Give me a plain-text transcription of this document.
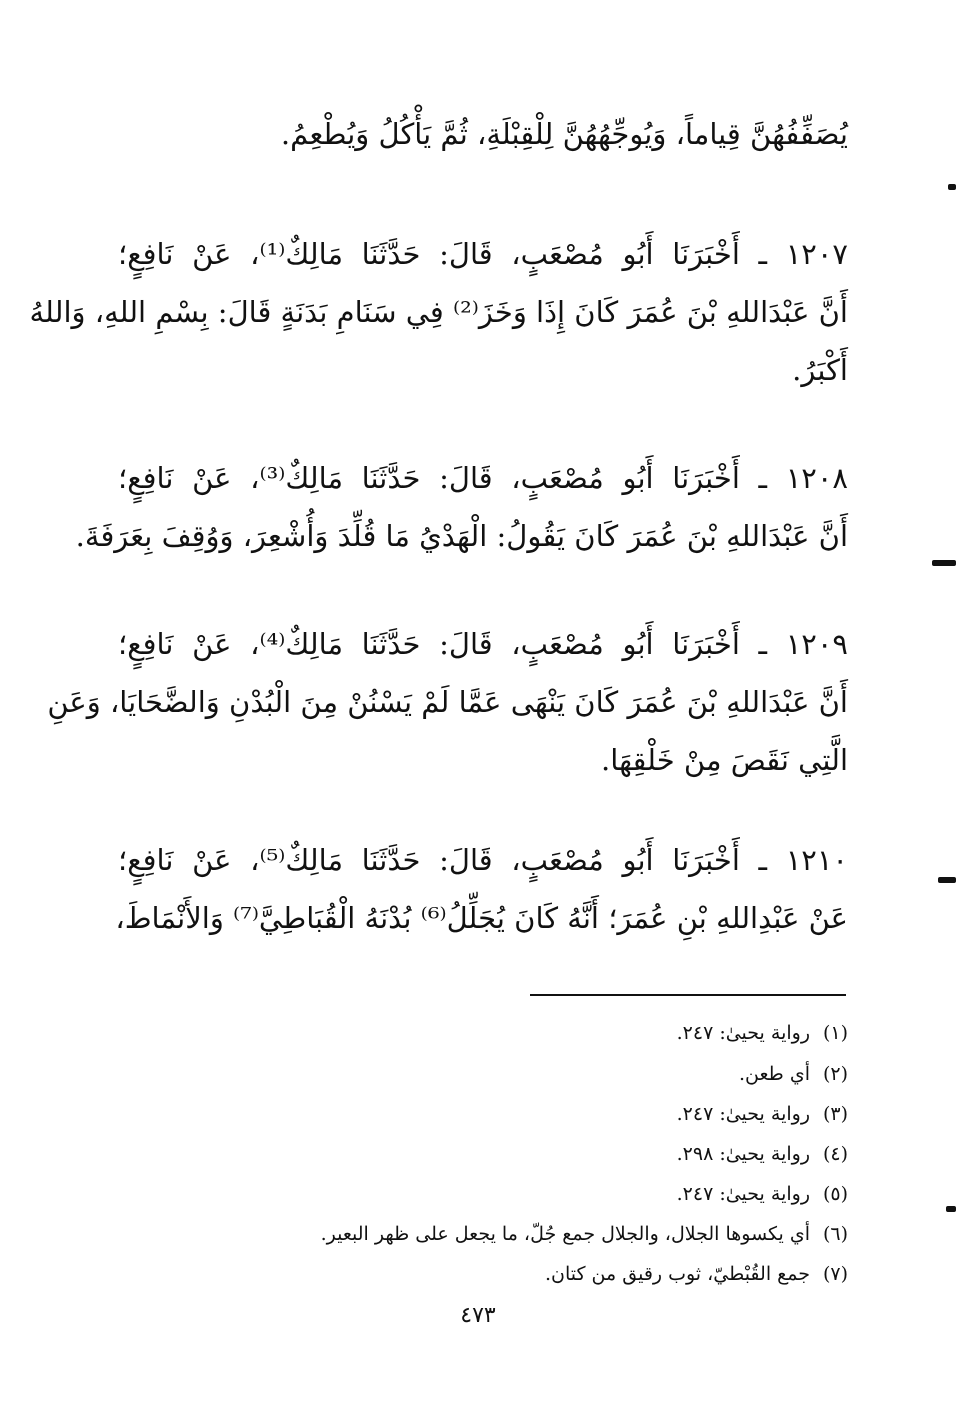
يُصَفِّفُهُنَّ قِياماً، وَيُوجِّهُهُنَّ لِلْقِبْلَةِ، ثُمَّ يَأْكُلُ وَيُطْعِمُ.
١٢٠٧ ـ أَخْبَرَنَا أَبُو مُصْعَبٍ، قَالَ: حَدَّثَنَا مَالِكٌ⁽¹⁾، عَنْ نَافِعٍ؛
أَنَّ عَبْدَاللهِ بْنَ عُمَرَ كَانَ إِذَا وَخَزَ⁽²⁾ فِي سَنَامِ بَدَنَةٍ قَالَ: بِسْمِ اللهِ، وَاللهُ
أَكْبَرُ.
١٢٠٨ ـ أَخْبَرَنَا أَبُو مُصْعَبٍ، قَالَ: حَدَّثَنَا مَالِكٌ⁽³⁾، عَنْ نَافِعٍ؛
أَنَّ عَبْدَاللهِ بْنَ عُمَرَ كَانَ يَقُولُ: الْهَدْيُ مَا قُلِّدَ وَأُشْعِرَ، وَوُقِفَ بِعَرَفَةَ.
١٢٠٩ ـ أَخْبَرَنَا أَبُو مُصْعَبٍ، قَالَ: حَدَّثَنَا مَالِكٌ⁽⁴⁾، عَنْ نَافِعٍ؛
أَنَّ عَبْدَاللهِ بْنَ عُمَرَ كَانَ يَنْهَى عَمَّا لَمْ يَسْنُنْ مِنَ الْبُدْنِ وَالضَّحَايَا، وَعَنِ
الَّتِي نَقَصَ مِنْ خَلْقِهَا.
١٢١٠ ـ أَخْبَرَنَا أَبُو مُصْعَبٍ، قَالَ: حَدَّثَنَا مَالِكٌ⁽⁵⁾، عَنْ نَافِعٍ؛
عَنْ عَبْدِاللهِ بْنِ عُمَرَ؛ أَنَّهُ كَانَ يُجَلِّلُ⁽⁶⁾ بُدْنَهُ الْقُبَاطِيَّ⁽⁷⁾ وَالأَنْمَاطَ،
(١)رواية يحيىٰ: ٢٤٧.
(٢)أي طعن.
(٣)رواية يحيىٰ: ٢٤٧.
(٤)رواية يحيىٰ: ٢٩٨.
(٥)رواية يحيىٰ: ٢٤٧.
(٦)أي يكسوها الجلال، والجلال جمع جُلّ، ما يجعل على ظهر البعير.
(٧)جمع القُبْطيّ، ثوب رقيق من كتان.
٤٧٣
